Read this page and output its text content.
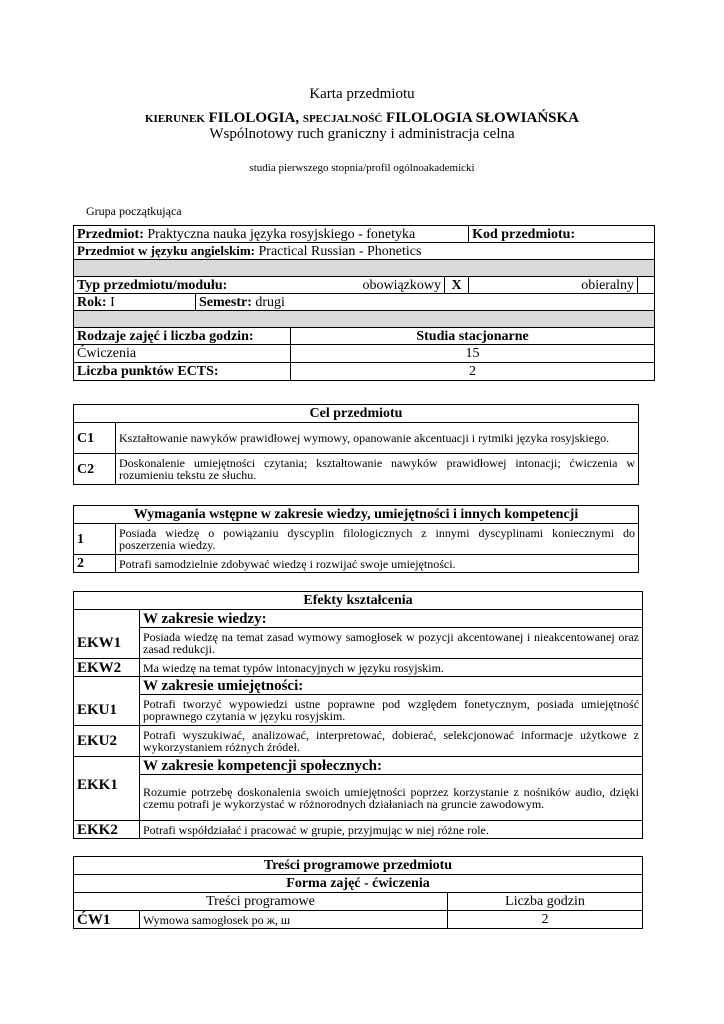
Karta przedmiotu
KIERUNEK FILOLOGIA, SPECJALNOŚĆ FILOLOGIA SŁOWIAŃSKA
Wspólnotowy ruch graniczny i administracja celna
studia pierwszego stopnia/profil ogólnoakademicki
Grupa początkująca
Przedmiot: Praktyczna nauka języka rosyjskiego - fonetyka				Kod przedmiotu:	
Przedmiot w języku angielskim: Practical Russian - Phonetics					

Typ przedmiotu/modułu:		obowiązkowy	X	obieralny	
Rok: I	Semestr: drugi				

Rodzaje zajęć i liczba godzin:		Studia stacjonarne			
Ćwiczenia		15			
Liczba punktów ECTS:		2			
Cel przedmiotu	
C1	Kształtowanie nawyków prawidłowej wymowy, opanowanie akcentuacji i rytmiki języka rosyjskiego.
C2	Doskonalenie umiejętności czytania; kształtowanie nawyków prawidłowej intonacji; ćwiczenia w rozumieniu tekstu ze słuchu.
Wymagania wstępne w zakresie wiedzy, umiejętności i innych kompetencji	
1	Posiada wiedzę o powiązaniu dyscyplin filologicznych z innymi dyscyplinami koniecznymi do poszerzenia wiedzy.
2	Potrafi samodzielnie zdobywać wiedzę i rozwijać swoje umiejętności.
Efekty kształcenia	
	W zakresie wiedzy:
EKW1	Posiada wiedzę na temat zasad wymowy samogłosek w pozycji akcentowanej i nieakcentowanej oraz zasad redukcji.
EKW2	Ma wiedzę na temat typów intonacyjnych w języku rosyjskim.
	W zakresie umiejętności:
EKU1	Potrafi tworzyć wypowiedzi ustne poprawne pod względem fonetycznym, posiada umiejętność poprawnego czytania w języku rosyjskim.
EKU2	Potrafi wyszukiwać, analizować, interpretować, dobierać, selekcjonować informacje użytkowe z wykorzystaniem różnych źródeł.
	W zakresie kompetencji społecznych:
EKK1	Rozumie potrzebę doskonalenia swoich umiejętności poprzez korzystanie z nośników audio, dzięki czemu potrafi je wykorzystać w różnorodnych działaniach na gruncie zawodowym.
EKK2	Potrafi współdziałać i pracować w grupie, przyjmując w niej różne role.
Treści programowe przedmiotu		
Forma zajęć - ćwiczenia		
Treści programowe		Liczba godzin
ĆW1	Wymowa samogłosek po ж, ш	2
